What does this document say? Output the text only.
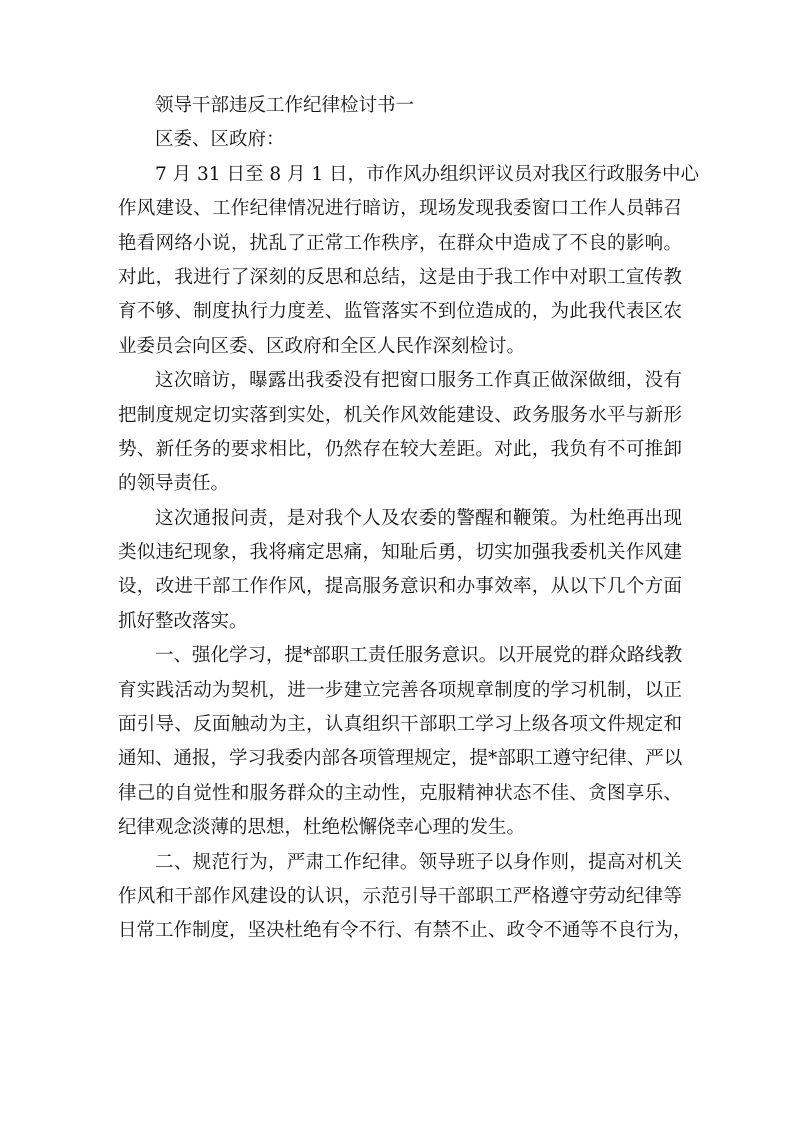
领导干部违反工作纪律检讨书一
区委、区政府：
7 月 31 日至 8 月 1 日，市作风办组织评议员对我区行政服务中心
作风建设、工作纪律情况进行暗访，现场发现我委窗口工作人员韩召
艳看网络小说，扰乱了正常工作秩序，在群众中造成了不良的影响。
对此，我进行了深刻的反思和总结，这是由于我工作中对职工宣传教
育不够、制度执行力度差、监管落实不到位造成的，为此我代表区农
业委员会向区委、区政府和全区人民作深刻检讨。
这次暗访，曝露出我委没有把窗口服务工作真正做深做细，没有
把制度规定切实落到实处，机关作风效能建设、政务服务水平与新形
势、新任务的要求相比，仍然存在较大差距。对此，我负有不可推卸
的领导责任。
这次通报问责，是对我个人及农委的警醒和鞭策。为杜绝再出现
类似违纪现象，我将痛定思痛，知耻后勇，切实加强我委机关作风建
设，改进干部工作作风，提高服务意识和办事效率，从以下几个方面
抓好整改落实。
一、强化学习，提*部职工责任服务意识。以开展党的群众路线教
育实践活动为契机，进一步建立完善各项规章制度的学习机制，以正
面引导、反面触动为主，认真组织干部职工学习上级各项文件规定和
通知、通报，学习我委内部各项管理规定，提*部职工遵守纪律、严以
律己的自觉性和服务群众的主动性，克服精神状态不佳、贪图享乐、
纪律观念淡薄的思想，杜绝松懈侥幸心理的发生。
二、规范行为，严肃工作纪律。领导班子以身作则，提高对机关
作风和干部作风建设的认识，示范引导干部职工严格遵守劳动纪律等
日常工作制度，坚决杜绝有令不行、有禁不止、政令不通等不良行为，
